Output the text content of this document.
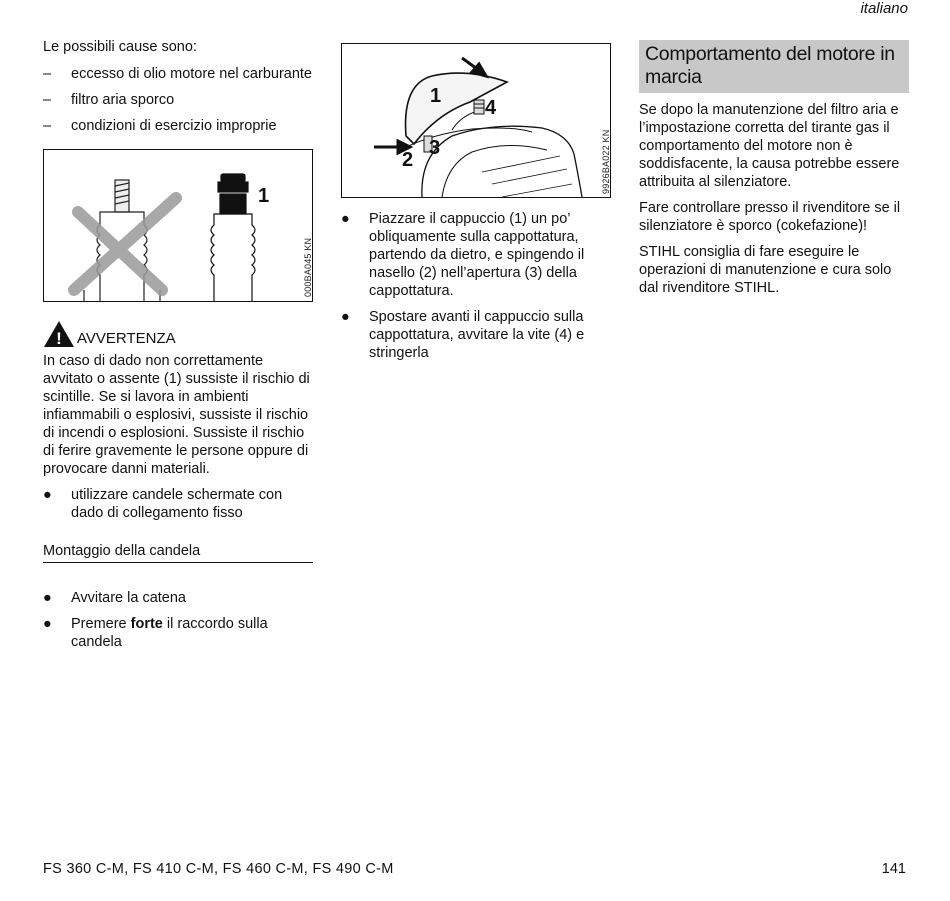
italiano

Le possibili cause sono:

– eccesso di olio motore nel carburante
– filtro aria sporco
– condizioni di esercizio improprie
1
000BA045 KN
! AVVERTENZA

In caso di dado non correttamente avvitato o assente (1) sussiste il rischio di scintille. Se si lavora in ambienti infiammabili o esplosivi, sussiste il rischio di incendi o esplosioni. Sussiste il rischio di ferire gravemente le persone oppure di provocare danni materiali.

● utilizzare candele schermate con dado di collegamento fisso

Montaggio della candela

● Avvitare la catena
● Premere forte il raccordo sulla candela
1
4
3
2	9926BA022 KN
● Piazzare il cappuccio (1) un po’ obliquamente sulla cappottatura, partendo da dietro, e spingendo il nasello (2) nell’apertura (3) della cappottatura.
● Spostare avanti il cappuccio sulla cappottatura, avvitare la vite (4) e stringerla
Comportamento del motore in marcia

Se dopo la manutenzione del filtro aria e l’impostazione corretta del tirante gas il comportamento del motore non è soddisfacente, la causa potrebbe essere attribuita al silenziatore.

Fare controllare presso il rivenditore se il silenziatore è sporco (cokefazione)!

STIHL consiglia di fare eseguire le operazioni di manutenzione e cura solo dal rivenditore STIHL.

FS 360 C-M, FS 410 C-M, FS 460 C-M, FS 490 C-M	141
